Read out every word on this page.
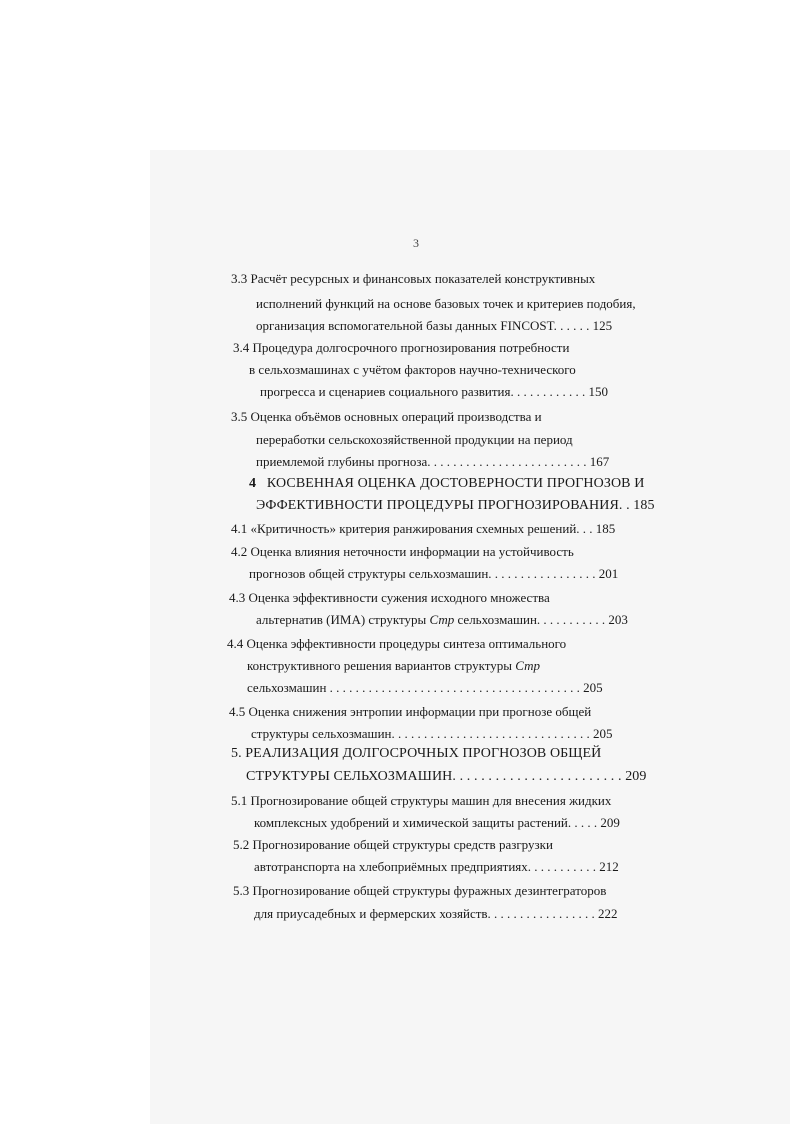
3
3.3 Расчёт ресурсных и финансовых показателей конструктивных
исполнений функций на основе базовых точек и критериев подобия,
организация вспомогательной базы данных FINCOST. . . . . . 125
3.4 Процедура долгосрочного прогнозирования потребности
в сельхозмашинах с учётом факторов научно-технического
прогресса и сценариев социального развития. . . . . . . . . . . . 150
3.5 Оценка объёмов основных операций производства и
переработки сельскохозяйственной продукции на период
приемлемой глубины прогноза. . . . . . . . . . . . . . . . . . . . . . . . . 167
4 КОСВЕННАЯ ОЦЕНКА ДОСТОВЕРНОСТИ ПРОГНОЗОВ И
ЭФФЕКТИВНОСТИ ПРОЦЕДУРЫ ПРОГНОЗИРОВАНИЯ. . 185
4.1 «Критичность» критерия ранжирования схемных решений. . . 185
4.2 Оценка влияния неточности информации на устойчивость
прогнозов общей структуры сельхозмашин. . . . . . . . . . . . . . . . . 201
4.3 Оценка эффективности сужения исходного множества
альтернатив (ИМА) структуры Стр сельхозмашин. . . . . . . . . . . 203
4.4 Оценка эффективности процедуры синтеза оптимального
конструктивного решения вариантов структуры Стр
сельхозмашин . . . . . . . . . . . . . . . . . . . . . . . . . . . . . . . . . . . . . . . 205
4.5 Оценка снижения энтропии информации при прогнозе общей
структуры сельхозмашин. . . . . . . . . . . . . . . . . . . . . . . . . . . . . . . 205
5. РЕАЛИЗАЦИЯ ДОЛГОСРОЧНЫХ ПРОГНОЗОВ ОБЩЕЙ
СТРУКТУРЫ СЕЛЬХОЗМАШИН. . . . . . . . . . . . . . . . . . . . . . . . 209
5.1 Прогнозирование общей структуры машин для внесения жидких
комплексных удобрений и химической защиты растений. . . . . 209
5.2 Прогнозирование общей структуры средств разгрузки
автотранспорта на хлебоприёмных предприятиях. . . . . . . . . . . 212
5.3 Прогнозирование общей структуры фуражных дезинтеграторов
для приусадебных и фермерских хозяйств. . . . . . . . . . . . . . . . . 222
